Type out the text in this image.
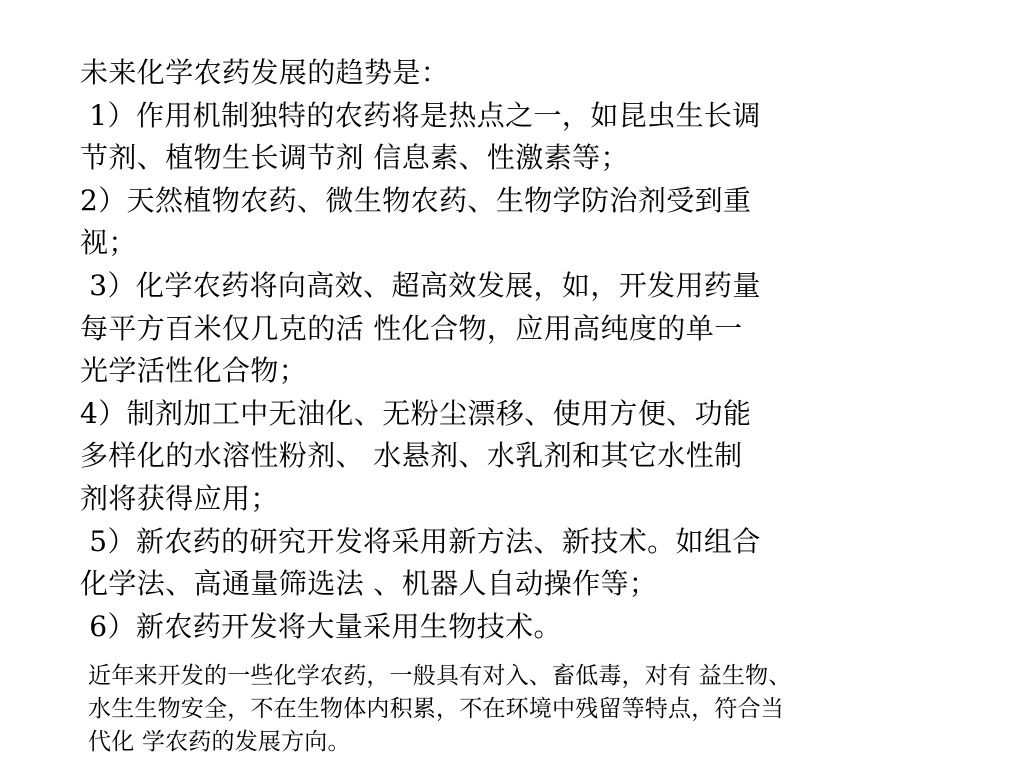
未来化学农药发展的趋势是：
1）作用机制独特的农药将是热点之一，如昆虫生长调
节剂、植物生长调节剂 信息素、性激素等；
2）天然植物农药、微生物农药、生物学防治剂受到重
视；
3）化学农药将向高效、超高效发展，如，开发用药量
每平方百米仅几克的活 性化合物，应用高纯度的单一
光学活性化合物；
4）制剂加工中无油化、无粉尘漂移、使用方便、功能
多样化的水溶性粉剂、 水悬剂、水乳剂和其它水性制
剂将获得应用；
5）新农药的研究开发将采用新方法、新技术。如组合
化学法、高通量筛选法 、机器人自动操作等；
6）新农药开发将大量采用生物技术。
近年来开发的一些化学农药，一般具有对入、畜低毒，对有 益生物、
水生生物安全，不在生物体内积累，不在环境中残留等特点，符合当
代化 学农药的发展方向。
